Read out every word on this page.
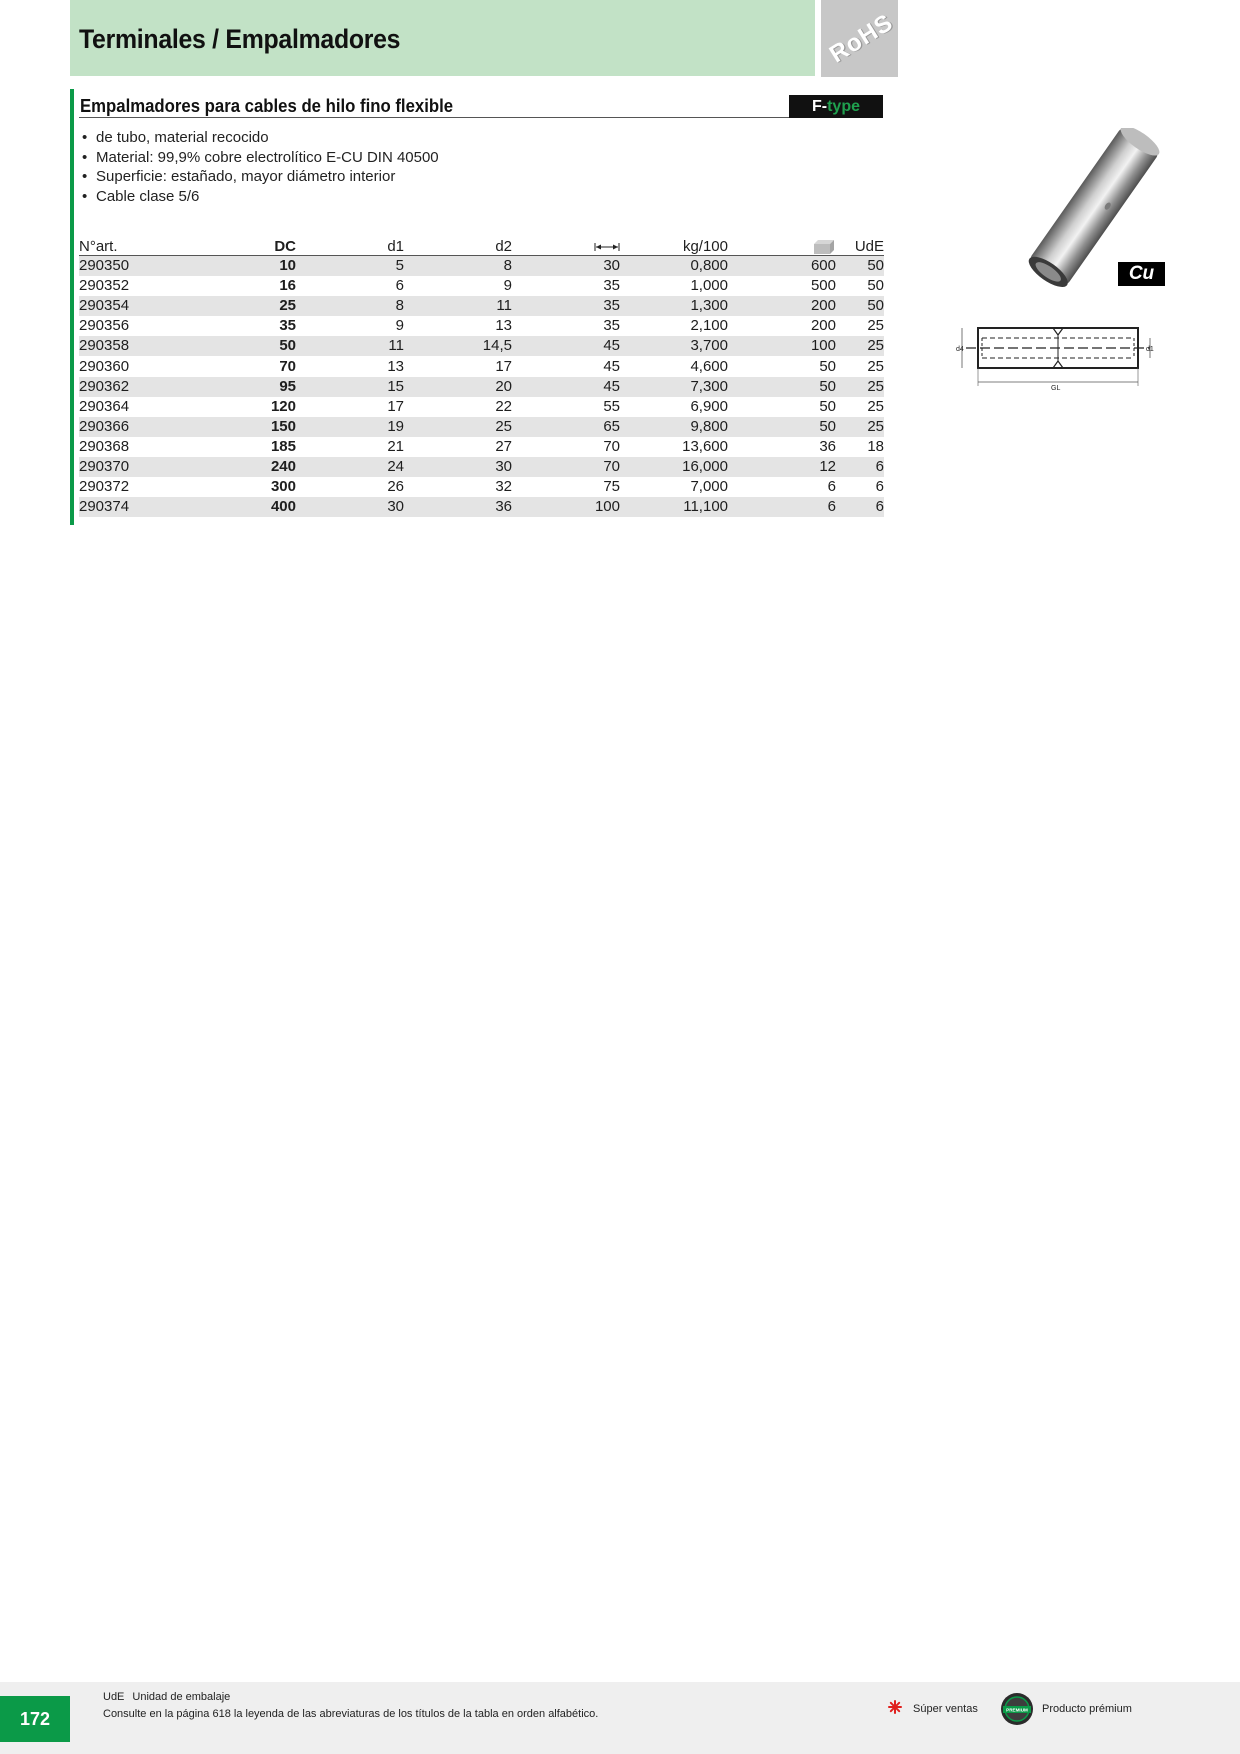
Terminales / Empalmadores	RoHS
Empalmadores para cables de hilo fino flexible	F-type
• de tubo, material recocido
• Material: 99,9% cobre electrolítico E-CU DIN 40500
• Superficie: estañado, mayor diámetro interior
• Cable clase 5/6
N°art.	DC	d1	d2		kg/100		UdE
290350	10	5	8	30	0,800	600	50
290352	16	6	9	35	1,000	500	50
290354	25	8	11	35	1,300	200	50
290356	35	9	13	35	2,100	200	25
290358	50	11	14,5	45	3,700	100	25
290360	70	13	17	45	4,600	50	25
290362	95	15	20	45	7,300	50	25
290364	120	17	22	55	6,900	50	25
290366	150	19	25	65	9,800	50	25
290368	185	21	27	70	13,600	36	18
290370	240	24	30	70	16,000	12	6
290372	300	26	32	75	7,000	6	6
290374	400	30	36	100	11,100	6	6
Cu
d4	d1
GL
172
UdE Unidad de embalaje
Consulte en la página 618 la leyenda de las abreviaturas de los títulos de la tabla en orden alfabético.	Súper ventas	PREMIUM Producto prémium
